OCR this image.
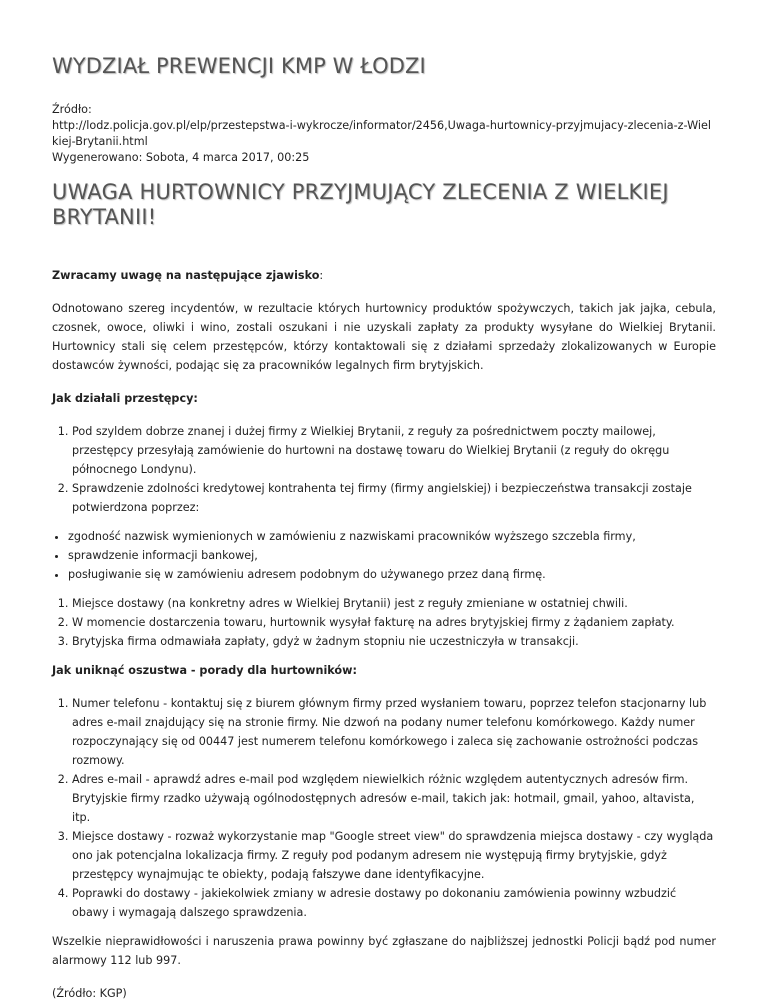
WYDZIAŁ PREWENCJI KMP W ŁODZI
Źródło:
http://lodz.policja.gov.pl/elp/przestepstwa-i-wykrocze/informator/2456,Uwaga-hurtownicy-przyjmujacy-zlecenia-z-Wielkiej-Brytanii.html
Wygenerowano: Sobota, 4 marca 2017, 00:25
UWAGA HURTOWNICY PRZYJMUJĄCY ZLECENIA Z WIELKIEJ BRYTANII!

Zwracamy uwagę na następujące zjawisko:

Odnotowano szereg incydentów, w rezultacie których hurtownicy produktów spożywczych, takich jak jajka, cebula, czosnek, owoce, oliwki i wino, zostali oszukani i nie uzyskali zapłaty za produkty wysyłane do Wielkiej Brytanii. Hurtownicy stali się celem przestępców, którzy kontaktowali się z działami sprzedaży zlokalizowanych w Europie dostawców żywności, podając się za pracowników legalnych firm brytyjskich.

Jak działali przestępcy:

1. Pod szyldem dobrze znanej i dużej firmy z Wielkiej Brytanii, z reguły za pośrednictwem poczty mailowej, przestępcy przesyłają zamówienie do hurtowni na dostawę towaru do Wielkiej Brytanii (z reguły do okręgu północnego Londynu).
2. Sprawdzenie zdolności kredytowej kontrahenta tej firmy (firmy angielskiej) i bezpieczeństwa transakcji zostaje potwierdzona poprzez:
• zgodność nazwisk wymienionych w zamówieniu z nazwiskami pracowników wyższego szczebla firmy,
• sprawdzenie informacji bankowej,
• posługiwanie się w zamówieniu adresem podobnym do używanego przez daną firmę.
1. Miejsce dostawy (na konkretny adres w Wielkiej Brytanii) jest z reguły zmieniane w ostatniej chwili.
2. W momencie dostarczenia towaru, hurtownik wysyłał fakturę na adres brytyjskiej firmy z żądaniem zapłaty.
3. Brytyjska firma odmawiała zapłaty, gdyż w żadnym stopniu nie uczestniczyła w transakcji.

Jak uniknąć oszustwa - porady dla hurtowników:

1. Numer telefonu - kontaktuj się z biurem głównym firmy przed wysłaniem towaru, poprzez telefon stacjonarny lub adres e-mail znajdujący się na stronie firmy. Nie dzwoń na podany numer telefonu komórkowego. Każdy numer rozpoczynający się od 00447 jest numerem telefonu komórkowego i zaleca się zachowanie ostrożności podczas rozmowy.
2. Adres e-mail - aprawdź adres e-mail pod względem niewielkich różnic względem autentycznych adresów firm. Brytyjskie firmy rzadko używają ogólnodostępnych adresów e-mail, takich jak: hotmail, gmail, yahoo, altavista, itp.
3. Miejsce dostawy - rozważ wykorzystanie map "Google street view" do sprawdzenia miejsca dostawy - czy wygląda ono jak potencjalna lokalizacja firmy. Z reguły pod podanym adresem nie występują firmy brytyjskie, gdyż przestępcy wynajmując te obiekty, podają fałszywe dane identyfikacyjne.
4. Poprawki do dostawy - jakiekolwiek zmiany w adresie dostawy po dokonaniu zamówienia powinny wzbudzić obawy i wymagają dalszego sprawdzenia.

Wszelkie nieprawidłowości i naruszenia prawa powinny być zgłaszane do najbliższej jednostki Policji bądź pod numer alarmowy 112 lub 997.

(Źródło: KGP)
